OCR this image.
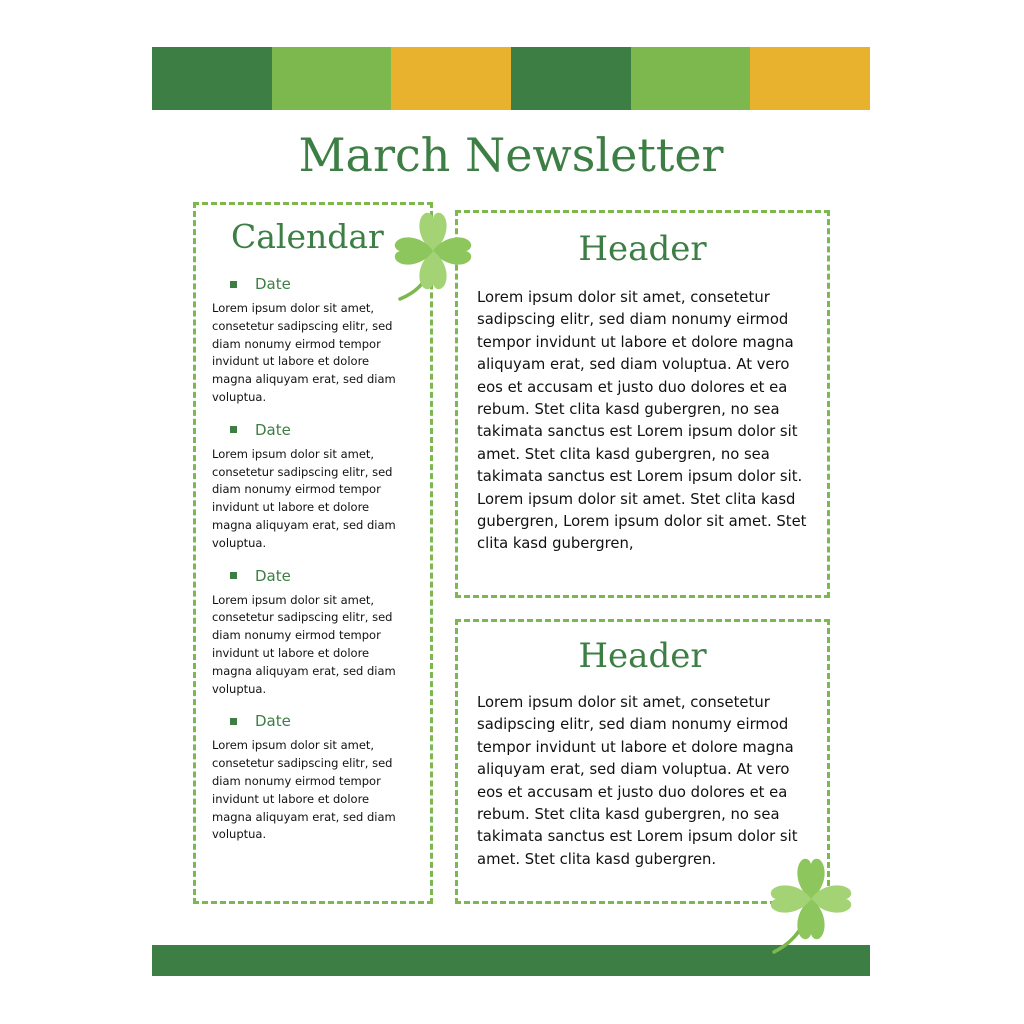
March Newsletter
Calendar
Date

Lorem ipsum dolor sit amet, consetetur sadipscing elitr, sed diam nonumy eirmod tempor invidunt ut labore et dolore magna aliquyam erat, sed diam voluptua.

Date

Lorem ipsum dolor sit amet, consetetur sadipscing elitr, sed diam nonumy eirmod tempor invidunt ut labore et dolore magna aliquyam erat, sed diam voluptua.

Date

Lorem ipsum dolor sit amet, consetetur sadipscing elitr, sed diam nonumy eirmod tempor invidunt ut labore et dolore magna aliquyam erat, sed diam voluptua.

Date

Lorem ipsum dolor sit amet, consetetur sadipscing elitr, sed diam nonumy eirmod tempor invidunt ut labore et dolore magna aliquyam erat, sed diam voluptua.

Header

Lorem ipsum dolor sit amet, consetetur sadipscing elitr, sed diam nonumy eirmod tempor invidunt ut labore et dolore magna aliquyam erat, sed diam voluptua. At vero eos et accusam et justo duo dolores et ea rebum. Stet clita kasd gubergren, no sea takimata sanctus est Lorem ipsum dolor sit amet. Stet clita kasd gubergren, no sea takimata sanctus est Lorem ipsum dolor sit. Lorem ipsum dolor sit amet. Stet clita kasd gubergren, Lorem ipsum dolor sit amet. Stet clita kasd gubergren,

Header

Lorem ipsum dolor sit amet, consetetur sadipscing elitr, sed diam nonumy eirmod tempor invidunt ut labore et dolore magna aliquyam erat, sed diam voluptua. At vero eos et accusam et justo duo dolores et ea rebum. Stet clita kasd gubergren, no sea takimata sanctus est Lorem ipsum dolor sit amet. Stet clita kasd gubergren.
